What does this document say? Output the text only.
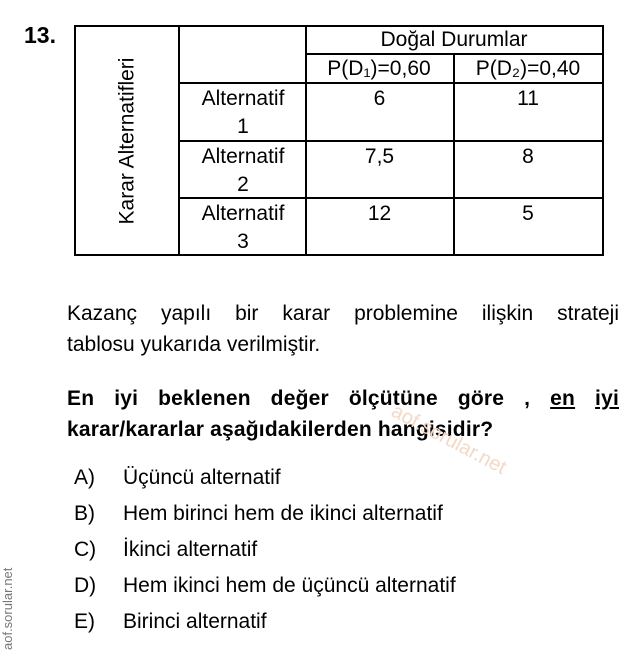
13.
Karar Alternatifleri
Doğal Durumlar
P(D₁)=0,60	P(D₂)=0,40
Alternatif
1
6	11
Alternatif
2
7,5	8
Alternatif
3
12	5
Kazanç yapılı bir karar problemine ilişkin strateji
tablosu yukarıda verilmiştir.
En iyi beklenen değer ölçütüne göre , en iyi
karar/kararlar aşağıdakilerden hangisidir?
A)	Üçüncü alternatif
B)	Hem birinci hem de ikinci alternatif
C)	İkinci alternatif
D)	Hem ikinci hem de üçüncü alternatif
E)	Birinci alternatif
aof.sorular.net
aof.sorular.net
